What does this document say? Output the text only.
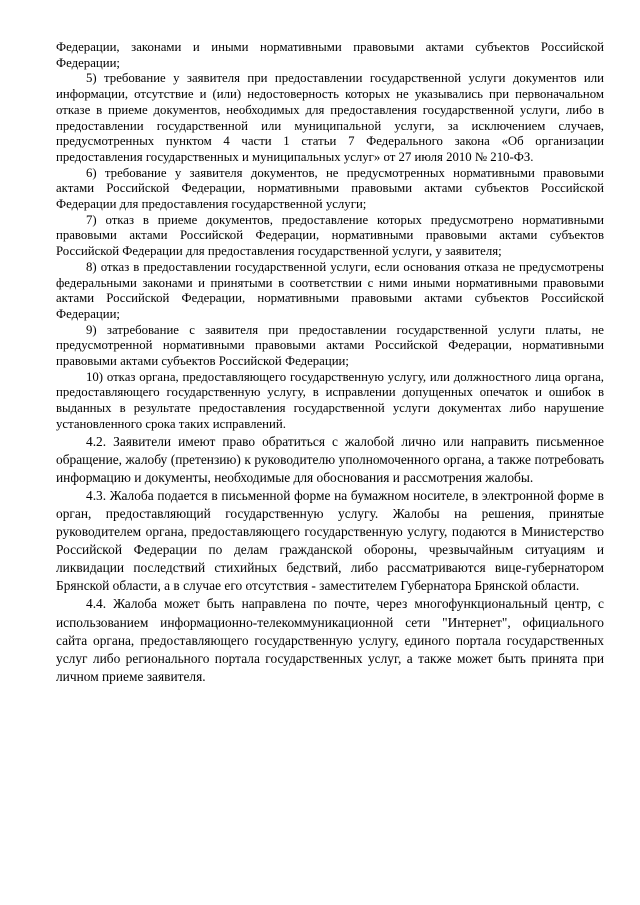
Федерации, законами и иными нормативными правовыми актами субъектов Российской Федерации;

5) требование у заявителя при предоставлении государственной услуги документов или информации, отсутствие и (или) недостоверность которых не указывались при первоначальном отказе в приеме документов, необходимых для предоставления государственной услуги, либо в предоставлении государственной или муниципальной услуги, за исключением случаев, предусмотренных пунктом 4 части 1 статьи 7 Федерального закона «Об организации предоставления государственных и муниципальных услуг» от 27 июля 2010 № 210-ФЗ.

6) требование у заявителя документов, не предусмотренных нормативными правовыми актами Российской Федерации, нормативными правовыми актами субъектов Российской Федерации для предоставления государственной услуги;

7) отказ в приеме документов, предоставление которых предусмотрено нормативными правовыми актами Российской Федерации, нормативными правовыми актами субъектов Российской Федерации для предоставления государственной услуги, у заявителя;

8) отказ в предоставлении государственной услуги, если основания отказа не предусмотрены федеральными законами и принятыми в соответствии с ними иными нормативными правовыми актами Российской Федерации, нормативными правовыми актами субъектов Российской Федерации;

9) затребование с заявителя при предоставлении государственной услуги платы, не предусмотренной нормативными правовыми актами Российской Федерации, нормативными правовыми актами субъектов Российской Федерации;

10) отказ органа, предоставляющего государственную услугу, или должностного лица органа, предоставляющего государственную услугу, в исправлении допущенных опечаток и ошибок в выданных в результате предоставления государственной услуги документах либо нарушение установленного срока таких исправлений.

4.2. Заявители имеют право обратиться с жалобой лично или направить письменное обращение, жалобу (претензию) к руководителю уполномоченного органа, а также потребовать информацию и документы, необходимые для обоснования и рассмотрения жалобы.

4.3. Жалоба подается в письменной форме на бумажном носителе, в электронной форме в орган, предоставляющий государственную услугу. Жалобы на решения, принятые руководителем органа, предоставляющего государственную услугу, подаются в Министерство Российской Федерации по делам гражданской обороны, чрезвычайным ситуациям и ликвидации последствий стихийных бедствий, либо рассматриваются вице-губернатором Брянской области, а в случае его отсутствия - заместителем Губернатора Брянской области.

4.4. Жалоба может быть направлена по почте, через многофункциональный центр, с использованием информационно-телекоммуникационной сети "Интернет", официального сайта органа, предоставляющего государственную услугу, единого портала государственных услуг либо регионального портала государственных услуг, а также может быть принята при личном приеме заявителя.
